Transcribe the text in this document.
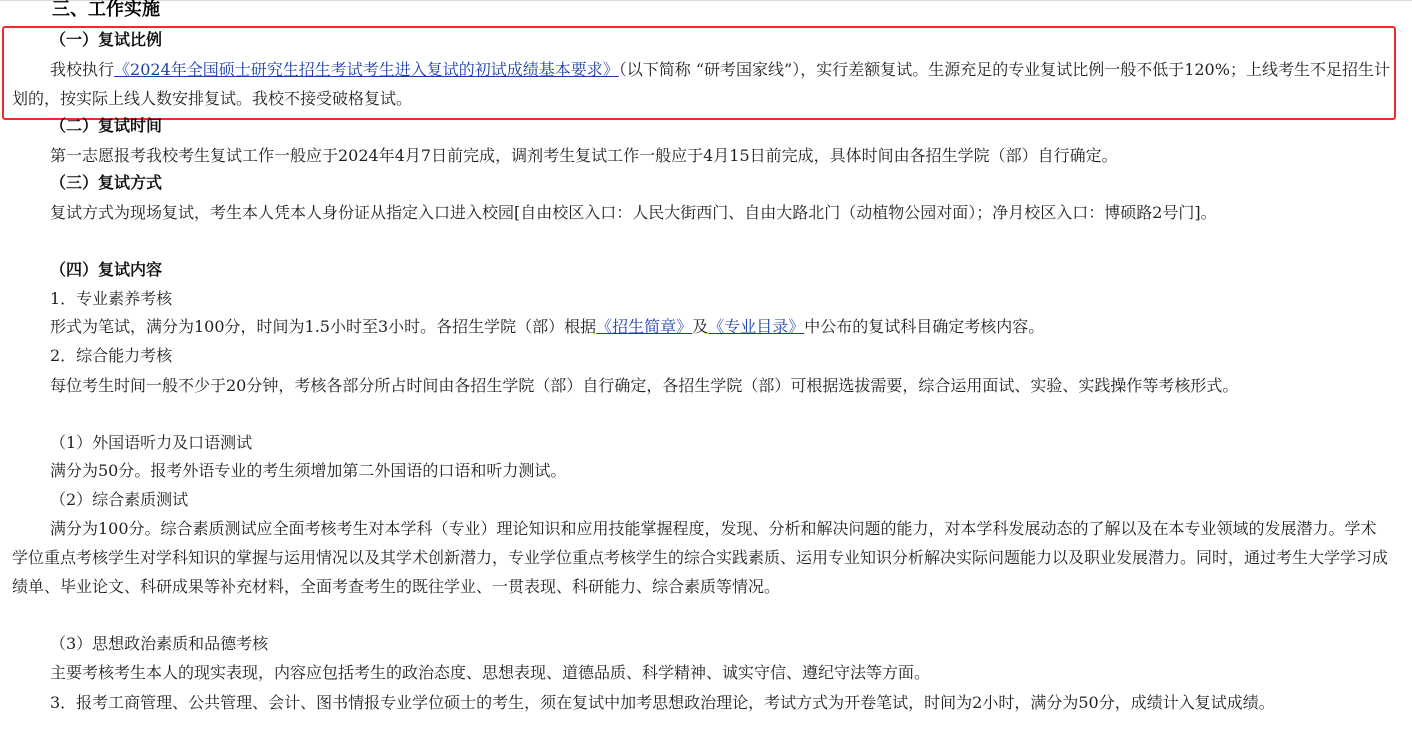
三、工作实施
（一）复试比例

我校执行《2024年全国硕士研究生招生考试考生进入复试的初试成绩基本要求》（以下简称 “研考国家线”），实行差额复试。生源充足的专业复试比例一般不低于120%；上线考生不足招生计划的，按实际上线人数安排复试。我校不接受破格复试。

（二）复试时间

第一志愿报考我校考生复试工作一般应于2024年4月7日前完成，调剂考生复试工作一般应于4月15日前完成，具体时间由各招生学院（部）自行确定。

（三）复试方式

复试方式为现场复试，考生本人凭本人身份证从指定入口进入校园[自由校区入口：人民大街西门、自由大路北门（动植物公园对面）；净月校区入口：博硕路2号门]。

（四）复试内容
1．专业素养考核
形式为笔试，满分为100分，时间为1.5小时至3小时。各招生学院（部）根据《招生简章》及《专业目录》中公布的复试科目确定考核内容。
2．综合能力考核

每位考生时间一般不少于20分钟，考核各部分所占时间由各招生学院（部）自行确定，各招生学院（部）可根据选拔需要，综合运用面试、实验、实践操作等考核形式。

（1）外国语听力及口语测试
满分为50分。报考外语专业的考生须增加第二外国语的口语和听力测试。
（2）综合素质测试

满分为100分。综合素质测试应全面考核考生对本学科（专业）理论知识和应用技能掌握程度，发现、分析和解决问题的能力，对本学科发展动态的了解以及在本专业领域的发展潜力。学术学位重点考核学生对学科知识的掌握与运用情况以及其学术创新潜力，专业学位重点考核学生的综合实践素质、运用专业知识分析解决实际问题能力以及职业发展潜力。同时，通过考生大学学习成绩单、毕业论文、科研成果等补充材料，全面考查考生的既往学业、一贯表现、科研能力、综合素质等情况。

（3）思想政治素质和品德考核
主要考核考生本人的现实表现，内容应包括考生的政治态度、思想表现、道德品质、科学精神、诚实守信、遵纪守法等方面。

3．报考工商管理、公共管理、会计、图书情报专业学位硕士的考生，须在复试中加考思想政治理论，考试方式为开卷笔试，时间为2小时，满分为50分，成绩计入复试成绩。
